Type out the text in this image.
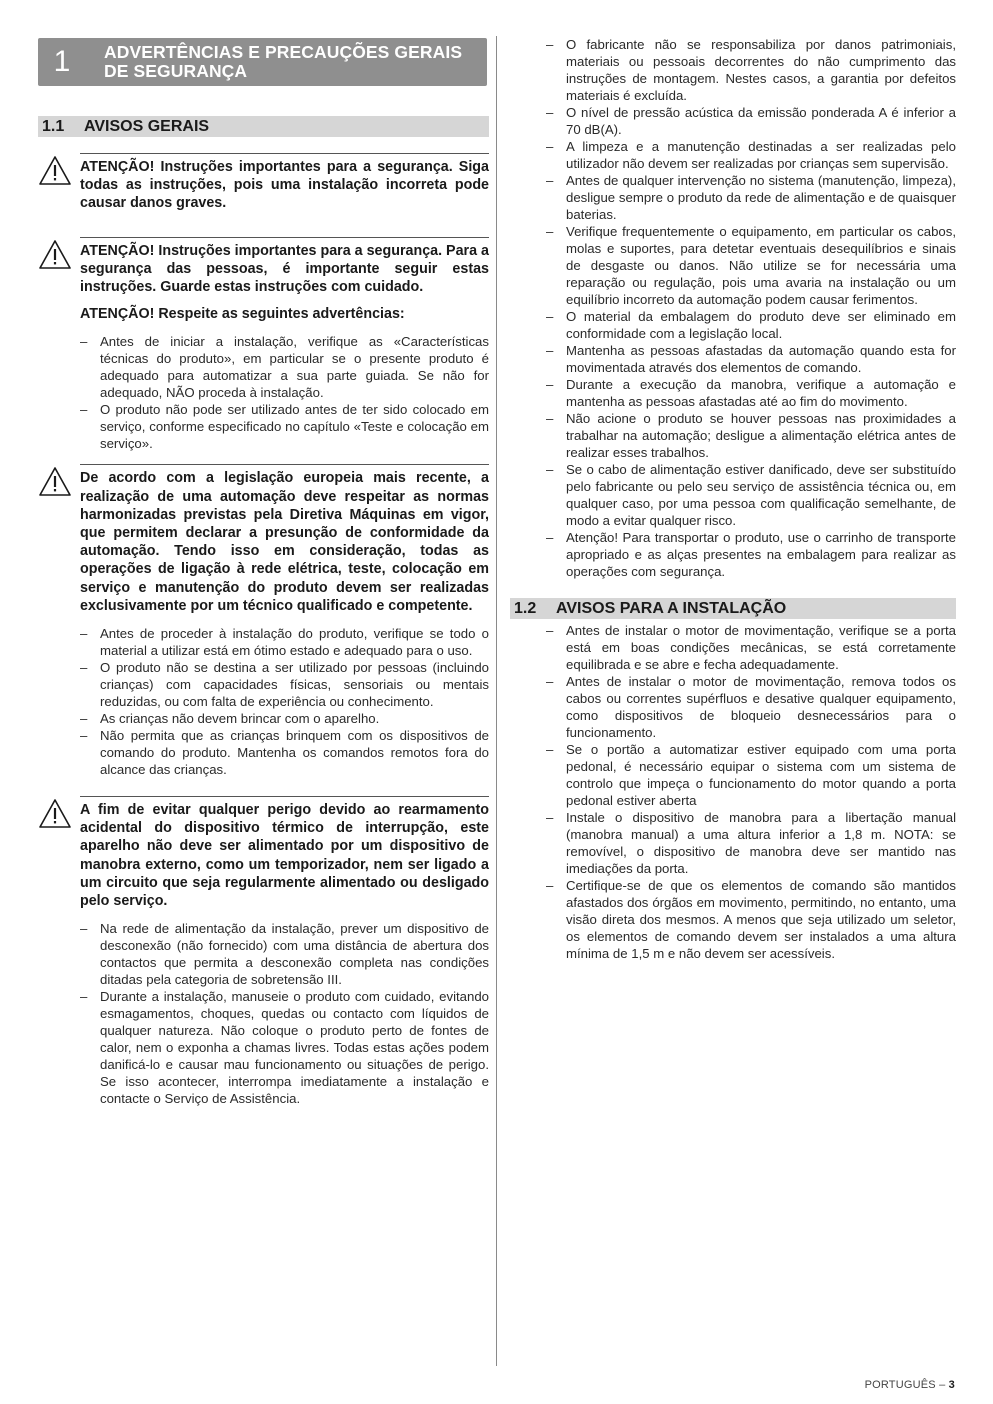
1	ADVERTÊNCIAS E PRECAUÇÕES GERAIS
DE SEGURANÇA
1.1	AVISOS GERAIS

ATENÇÃO! Instruções importantes para a segurança. Siga todas as instruções, pois uma instalação incorreta pode causar danos graves.

ATENÇÃO! Instruções importantes para a segurança. Para a segurança das pessoas, é importante seguir estas instruções. Guarde estas instruções com cuidado.

ATENÇÃO! Respeite as seguintes advertências:

– Antes de iniciar a instalação, verifique as «Características técnicas do produto», em particular se o presente produto é adequado para automatizar a sua parte guiada. Se não for adequado, NÃO proceda à instalação.
– O produto não pode ser utilizado antes de ter sido colocado em serviço, conforme especificado no capítulo «Teste e colocação em serviço».

De acordo com a legislação europeia mais recente, a realização de uma automação deve respeitar as normas harmonizadas previstas pela Diretiva Máquinas em vigor, que permitem declarar a presunção de conformidade da automação. Tendo isso em consideração, todas as operações de ligação à rede elétrica, teste, colocação em serviço e manutenção do produto devem ser realizadas exclusivamente por um técnico qualificado e competente.

– Antes de proceder à instalação do produto, verifique se todo o material a utilizar está em ótimo estado e adequado para o uso.
– O produto não se destina a ser utilizado por pessoas (incluindo crianças) com capacidades físicas, sensoriais ou mentais reduzidas, ou com falta de experiência ou conhecimento.
– As crianças não devem brincar com o aparelho.
– Não permita que as crianças brinquem com os dispositivos de comando do produto. Mantenha os comandos remotos fora do alcance das crianças.

A fim de evitar qualquer perigo devido ao rearmamento acidental do dispositivo térmico de interrupção, este aparelho não deve ser alimentado por um dispositivo de manobra externo, como um temporizador, nem ser ligado a um circuito que seja regularmente alimentado ou desligado pelo serviço.

– Na rede de alimentação da instalação, prever um dispositivo de desconexão (não fornecido) com uma distância de abertura dos contactos que permita a desconexão completa nas condições ditadas pela categoria de sobretensão III.
– Durante a instalação, manuseie o produto com cuidado, evitando esmagamentos, choques, quedas ou contacto com líquidos de qualquer natureza. Não coloque o produto perto de fontes de calor, nem o exponha a chamas livres. Todas estas ações podem danificá-lo e causar mau funcionamento ou situações de perigo. Se isso acontecer, interrompa imediatamente a instalação e contacte o Serviço de Assistência.
– O fabricante não se responsabiliza por danos patrimoniais, materiais ou pessoais decorrentes do não cumprimento das instruções de montagem. Nestes casos, a garantia por defeitos materiais é excluída.
– O nível de pressão acústica da emissão ponderada A é inferior a 70 dB(A).
– A limpeza e a manutenção destinadas a ser realizadas pelo utilizador não devem ser realizadas por crianças sem supervisão.
– Antes de qualquer intervenção no sistema (manutenção, limpeza), desligue sempre o produto da rede de alimentação e de quaisquer baterias.
– Verifique frequentemente o equipamento, em particular os cabos, molas e suportes, para detetar eventuais desequilíbrios e sinais de desgaste ou danos. Não utilize se for necessária uma reparação ou regulação, pois uma avaria na instalação ou um equilíbrio incorreto da automação podem causar ferimentos.
– O material da embalagem do produto deve ser eliminado em conformidade com a legislação local.
– Mantenha as pessoas afastadas da automação quando esta for movimentada através dos elementos de comando.
– Durante a execução da manobra, verifique a automação e mantenha as pessoas afastadas até ao fim do movimento.
– Não acione o produto se houver pessoas nas proximidades a trabalhar na automação; desligue a alimentação elétrica antes de realizar esses trabalhos.
– Se o cabo de alimentação estiver danificado, deve ser substituído pelo fabricante ou pelo seu serviço de assistência técnica ou, em qualquer caso, por uma pessoa com qualificação semelhante, de modo a evitar qualquer risco.
– Atenção! Para transportar o produto, use o carrinho de transporte apropriado e as alças presentes na embalagem para realizar as operações com segurança.
1.2	AVISOS PARA A INSTALAÇÃO
– Antes de instalar o motor de movimentação, verifique se a porta está em boas condições mecânicas, se está corretamente equilibrada e se abre e fecha adequadamente.
– Antes de instalar o motor de movimentação, remova todos os cabos ou correntes supérfluos e desative qualquer equipamento, como dispositivos de bloqueio desnecessários para o funcionamento.
– Se o portão a automatizar estiver equipado com uma porta pedonal, é necessário equipar o sistema com um sistema de controlo que impeça o funcionamento do motor quando a porta pedonal estiver aberta
– Instale o dispositivo de manobra para a libertação manual (manobra manual) a uma altura inferior a 1,8 m. NOTA: se removível, o dispositivo de manobra deve ser mantido nas imediações da porta.
– Certifique-se de que os elementos de comando são mantidos afastados dos órgãos em movimento, permitindo, no entanto, uma visão direta dos mesmos. A menos que seja utilizado um seletor, os elementos de comando devem ser instalados a uma altura mínima de 1,5 m e não devem ser acessíveis.
PORTUGUÊS – 3
